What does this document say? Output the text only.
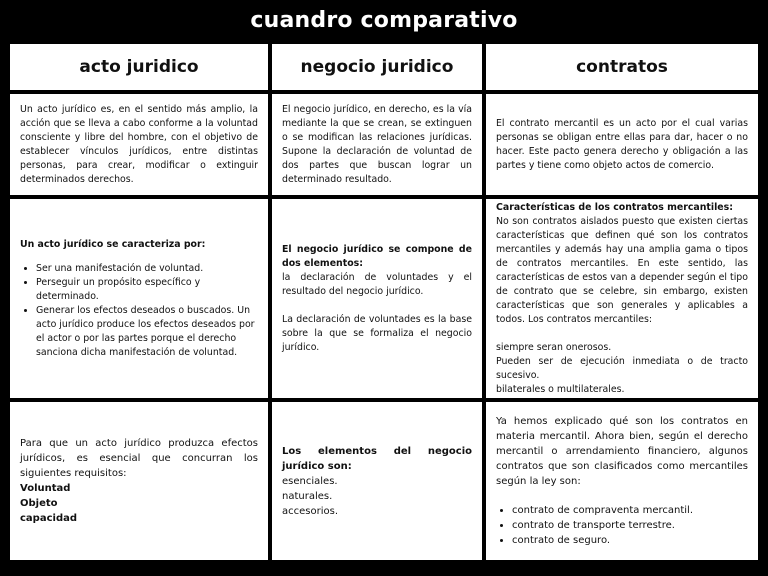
cuandro comparativo
acto juridico	negocio juridico	contratos
Un acto jurídico es, en el sentido más amplio, la acción que se lleva a cabo conforme a la voluntad consciente y libre del hombre, con el objetivo de establecer vínculos jurídicos, entre distintas personas, para crear, modificar o extinguir determinados derechos.
El negocio jurídico, en derecho, es la vía mediante la que se crean, se extinguen o se modifican las relaciones jurídicas. Supone la declaración de voluntad de dos partes que buscan lograr un determinado resultado.
El contrato mercantil es un acto por el cual varias personas se obligan entre ellas para dar, hacer o no hacer. Este pacto genera derecho y obligación a las partes y tiene como objeto actos de comercio.
Un acto jurídico se caracteriza por:
• Ser una manifestación de voluntad.
• Perseguir un propósito específico y determinado.
• Generar los efectos deseados o buscados. Un acto jurídico produce los efectos deseados por el actor o por las partes porque el derecho sanciona dicha manifestación de voluntad.
El negocio jurídico se compone de dos elementos:
la declaración de voluntades y el resultado del negocio jurídico.
La declaración de voluntades es la base sobre la que se formaliza el negocio jurídico.
Características de los contratos mercantiles:
No son contratos aislados puesto que existen ciertas características que definen qué son los contratos mercantiles y además hay una amplia gama o tipos de contratos mercantiles. En este sentido, las características de estos van a depender según el tipo de contrato que se celebre, sin embargo, existen características que son generales y aplicables a todos. Los contratos mercantiles:
siempre seran onerosos.
Pueden ser de ejecución inmediata o de tracto sucesivo.
bilaterales o multilaterales.
Para que un acto jurídico produzca efectos jurídicos, es esencial que concurran los siguientes requisitos:
Voluntad
Objeto
capacidad
Los elementos del negocio jurídico son:
esenciales.
naturales.
accesorios.
Ya hemos explicado qué son los contratos en materia mercantil. Ahora bien, según el derecho mercantil o arrendamiento financiero, algunos contratos que son clasificados como mercantiles según la ley son:
• contrato de compraventa mercantil.
• contrato de transporte terrestre.
• contrato de seguro.
